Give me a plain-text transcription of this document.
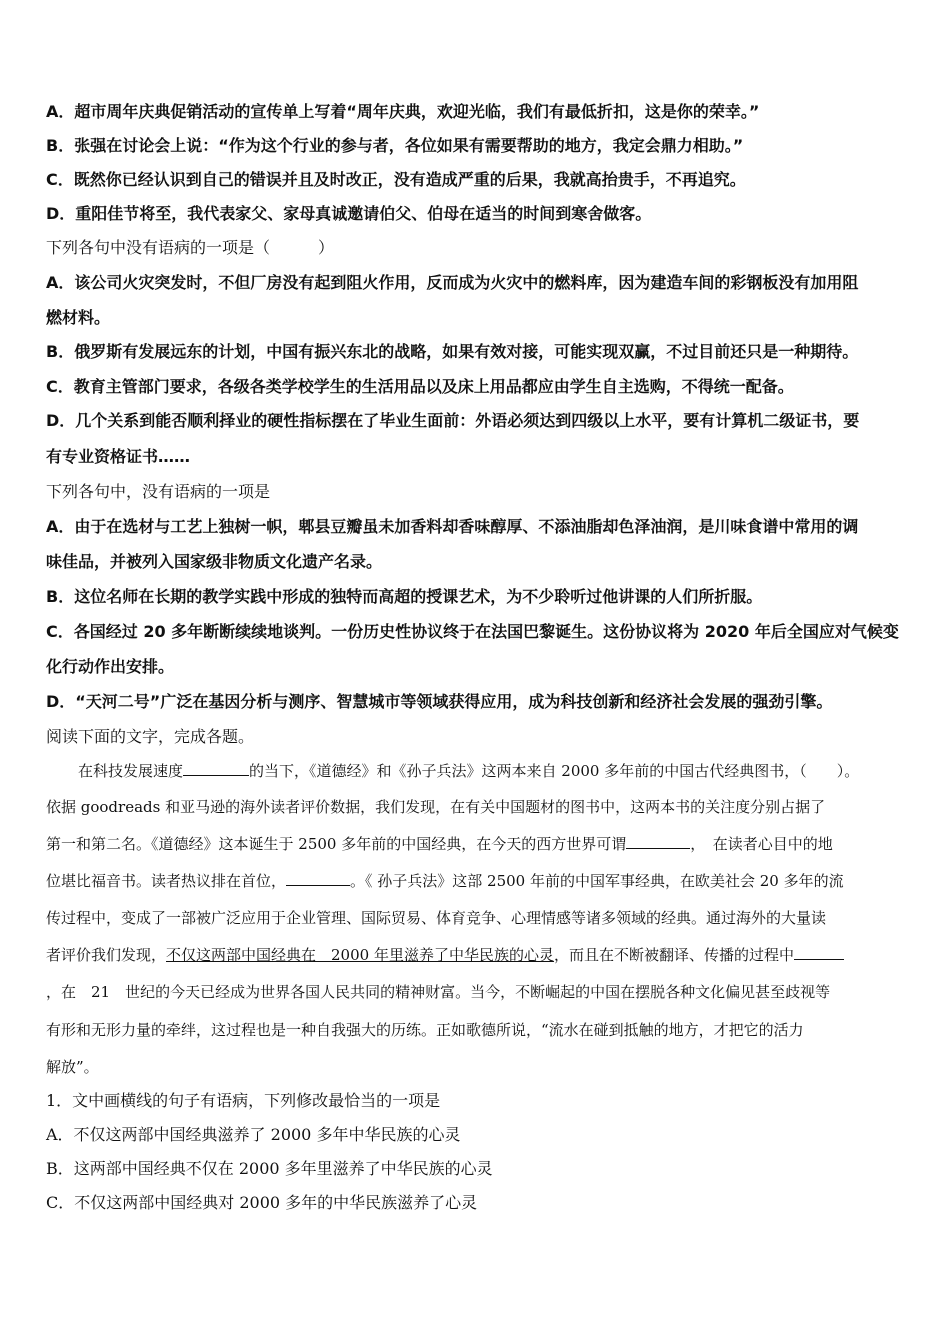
A．超市周年庆典促销活动的宣传单上写着“周年庆典，欢迎光临，我们有最低折扣，这是你的荣幸。”
B．张强在讨论会上说：“作为这个行业的参与者，各位如果有需要帮助的地方，我定会鼎力相助。”
C．既然你已经认识到自己的错误并且及时改正，没有造成严重的后果，我就高抬贵手，不再追究。
D．重阳佳节将至，我代表家父、家母真诚邀请伯父、伯母在适当的时间到寒舍做客。
下列各句中没有语病的一项是（　　　）
A．该公司火灾突发时，不但厂房没有起到阻火作用，反而成为火灾中的燃料库，因为建造车间的彩钢板没有加用阻
燃材料。
B．俄罗斯有发展远东的计划，中国有振兴东北的战略，如果有效对接，可能实现双赢，不过目前还只是一种期待。
C．教育主管部门要求，各级各类学校学生的生活用品以及床上用品都应由学生自主选购，不得统一配备。
D．几个关系到能否顺利择业的硬性指标摆在了毕业生面前：外语必须达到四级以上水平，要有计算机二级证书，要
有专业资格证书……
下列各句中，没有语病的一项是
A．由于在选材与工艺上独树一帜，郫县豆瓣虽未加香料却香味醇厚、不添油脂却色泽油润，是川味食谱中常用的调
味佳品，并被列入国家级非物质文化遗产名录。
B．这位名师在长期的教学实践中形成的独特而高超的授课艺术，为不少聆听过他讲课的人们所折服。
C．各国经过 20 多年断断续续地谈判。一份历史性协议终于在法国巴黎诞生。这份协议将为 2020 年后全国应对气候变
化行动作出安排。
D．“天河二号”广泛在基因分析与测序、智慧城市等领域获得应用，成为科技创新和经济社会发展的强劲引擎。
阅读下面的文字，完成各题。
在科技发展速度	的当下，《道德经》和《孙子兵法》这两本来自 2000 多年前的中国古代经典图书，（　　）。
依据 goodreads 和亚马逊的海外读者评价数据，我们发现，在有关中国题材的图书中，这两本书的关注度分别占据了
第一和第二名。《道德经》这本诞生于 2500 多年前的中国经典，在今天的西方世界可谓	，　在读者心目中的地
位堪比福音书。读者热议排在首位，	。《 孙子兵法》这部 2500 年前的中国军事经典，在欧美社会 20 多年的流
传过程中，变成了一部被广泛应用于企业管理、国际贸易、体育竞争、心理情感等诸多领域的经典。通过海外的大量读
者评价我们发现，不仅这两部中国经典在　2000 年里滋养了中华民族的心灵，而且在不断被翻译、传播的过程中
，在　21　世纪的今天已经成为世界各国人民共同的精神财富。当今，不断崛起的中国在摆脱各种文化偏见甚至歧视等
有形和无形力量的牵绊，这过程也是一种自我强大的历练。正如歌德所说，“流水在碰到抵触的地方，才把它的活力
解放”。
1．文中画横线的句子有语病，下列修改最恰当的一项是
A．不仅这两部中国经典滋养了 2000 多年中华民族的心灵
B．这两部中国经典不仅在 2000 多年里滋养了中华民族的心灵
C．不仅这两部中国经典对 2000 多年的中华民族滋养了心灵
